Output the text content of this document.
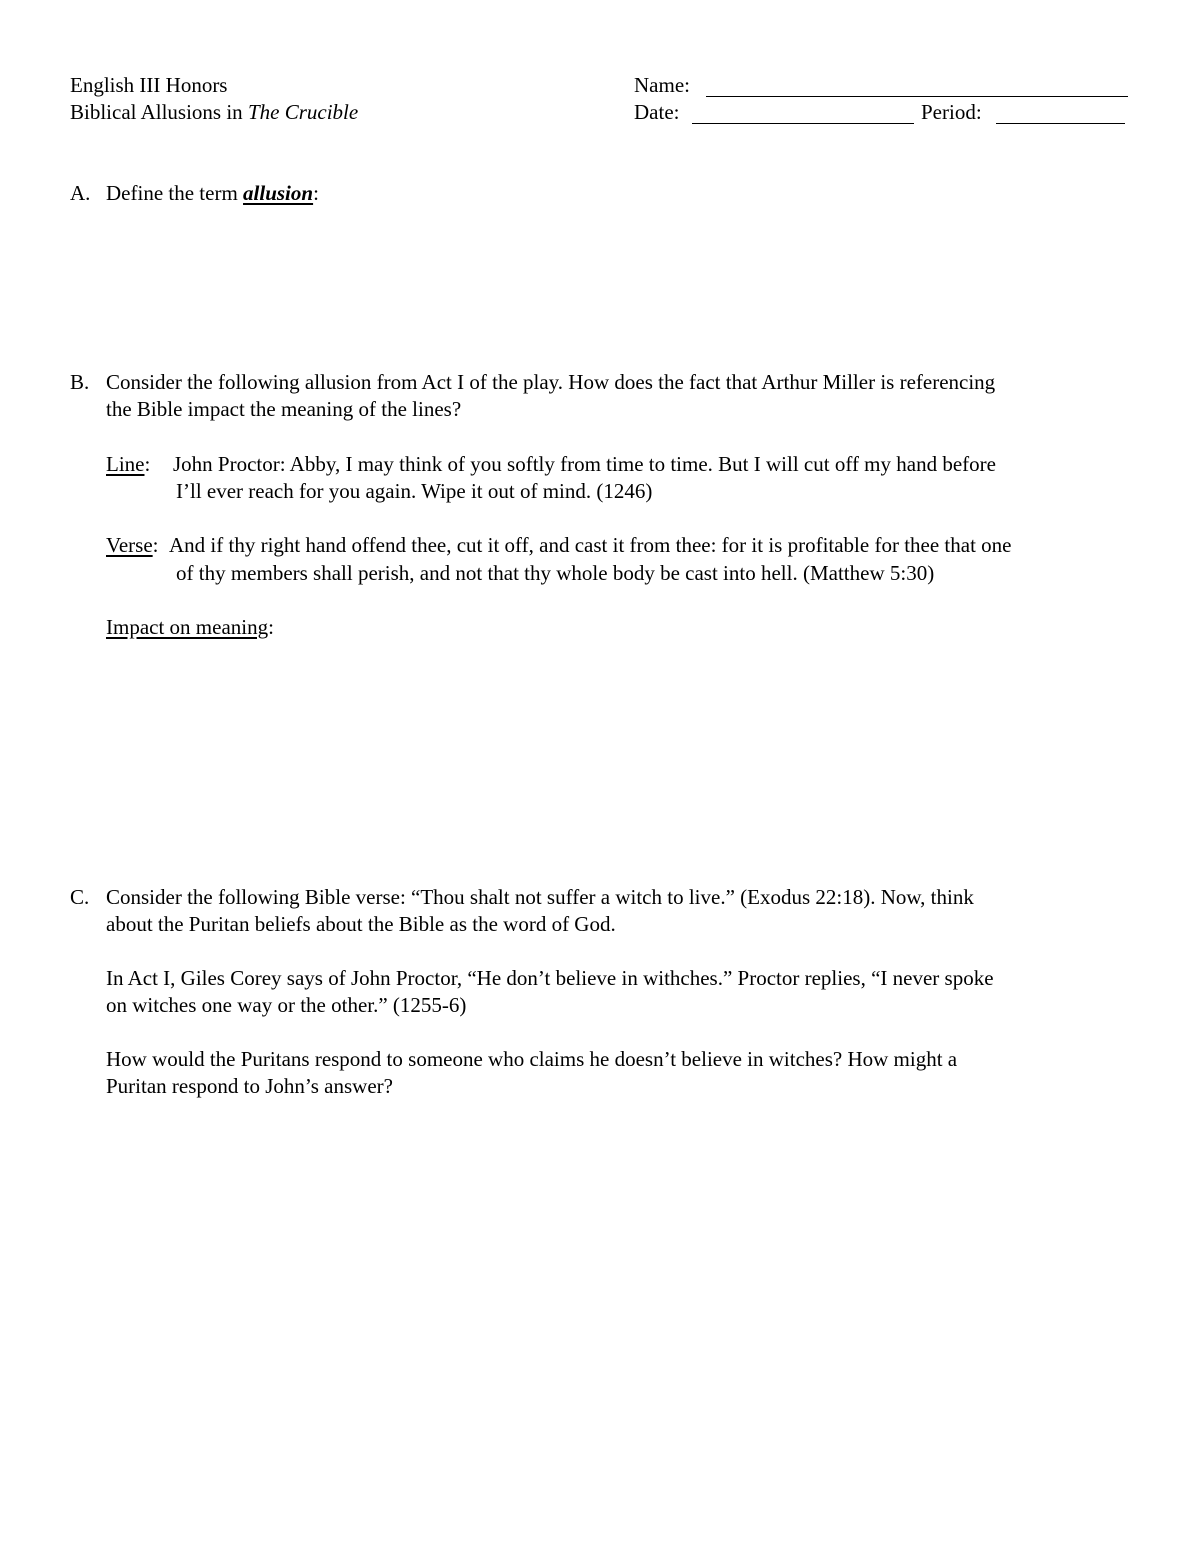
English III Honors
Biblical Allusions in The Crucible
Name:
Date:	Period:
A. Define the term allusion:
B. Consider the following allusion from Act I of the play. How does the fact that Arthur Miller is referencing
the Bible impact the meaning of the lines?
Line: John Proctor: Abby, I may think of you softly from time to time. But I will cut off my hand before
I’ll ever reach for you again. Wipe it out of mind. (1246)
Verse: And if thy right hand offend thee, cut it off, and cast it from thee: for it is profitable for thee that one
of thy members shall perish, and not that thy whole body be cast into hell. (Matthew 5:30)
Impact on meaning:
C. Consider the following Bible verse: “Thou shalt not suffer a witch to live.” (Exodus 22:18). Now, think
about the Puritan beliefs about the Bible as the word of God.
In Act I, Giles Corey says of John Proctor, “He don’t believe in withches.” Proctor replies, “I never spoke
on witches one way or the other.” (1255-6)
How would the Puritans respond to someone who claims he doesn’t believe in witches? How might a
Puritan respond to John’s answer?
